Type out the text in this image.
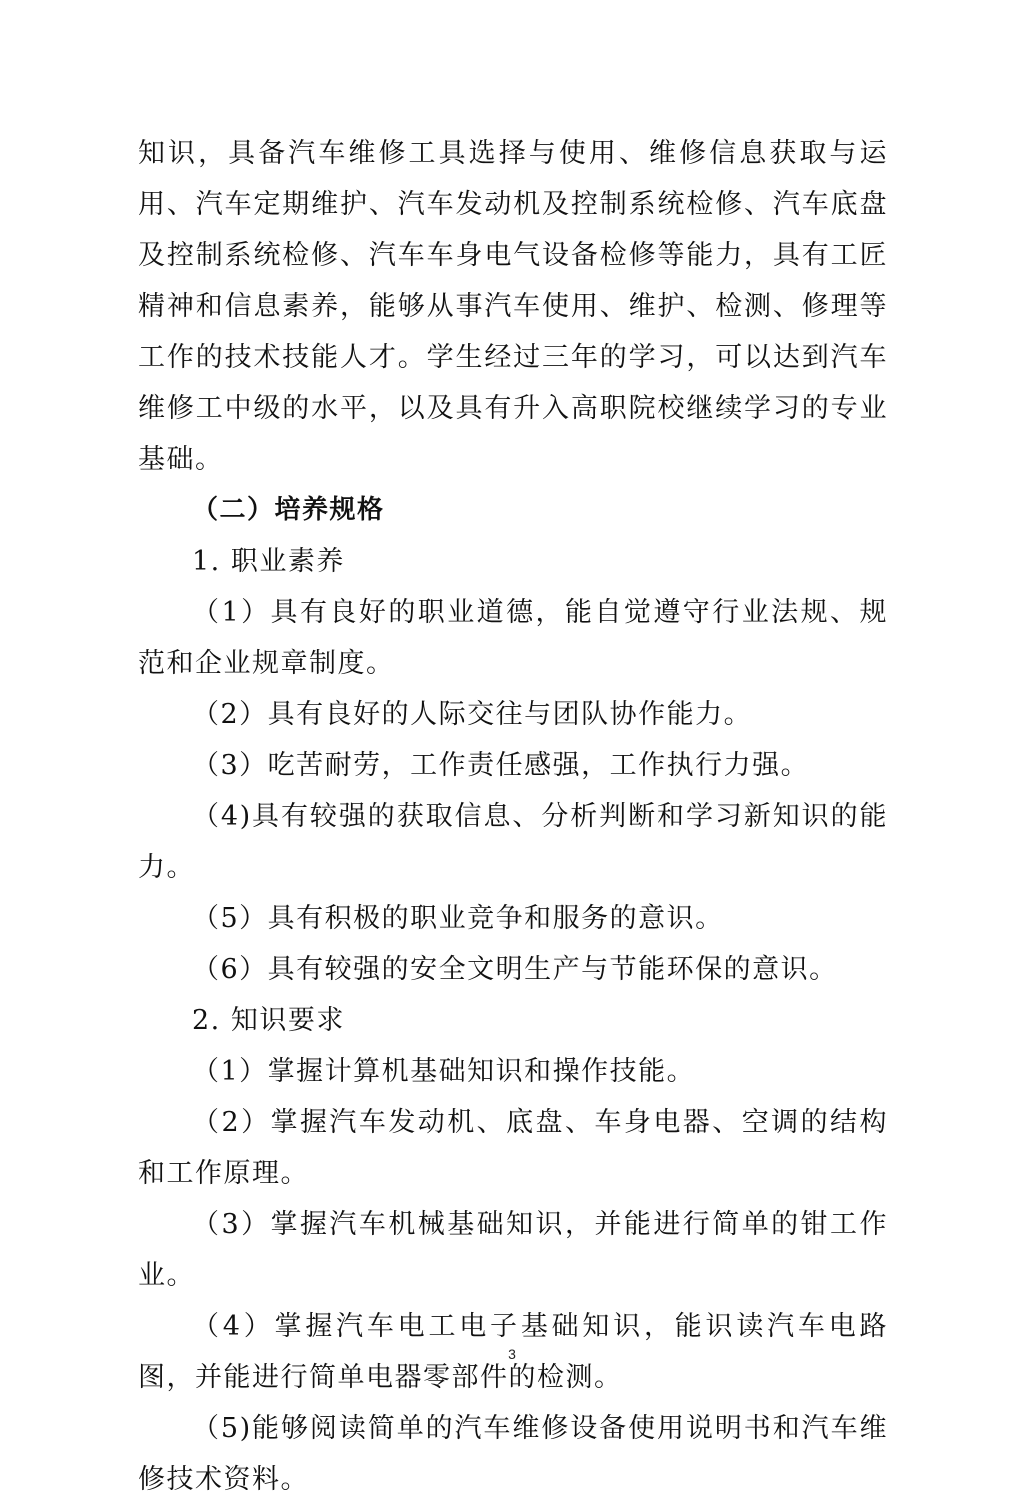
知识，具备汽车维修工具选择与使用、维修信息获取与运用、汽车定期维护、汽车发动机及控制系统检修、汽车底盘及控制系统检修、汽车车身电气设备检修等能力，具有工匠精神和信息素养，能够从事汽车使用、维护、检测、修理等工作的技术技能人才。学生经过三年的学习，可以达到汽车维修工中级的水平，以及具有升入高职院校继续学习的专业基础。

（二）培养规格

1. 职业素养

（1）具有良好的职业道德，能自觉遵守行业法规、规范和企业规章制度。

（2）具有良好的人际交往与团队协作能力。

（3）吃苦耐劳，工作责任感强，工作执行力强。

（4)具有较强的获取信息、分析判断和学习新知识的能力。

（5）具有积极的职业竞争和服务的意识。

（6）具有较强的安全文明生产与节能环保的意识。

2. 知识要求

（1）掌握计算机基础知识和操作技能。

（2）掌握汽车发动机、底盘、车身电器、空调的结构和工作原理。

（3）掌握汽车机械基础知识，并能进行简单的钳工作业。

（4）掌握汽车电工电子基础知识，能识读汽车电路图，并能进行简单电器零部件的检测。

（5)能够阅读简单的汽车维修设备使用说明书和汽车维修技术资料。

3
